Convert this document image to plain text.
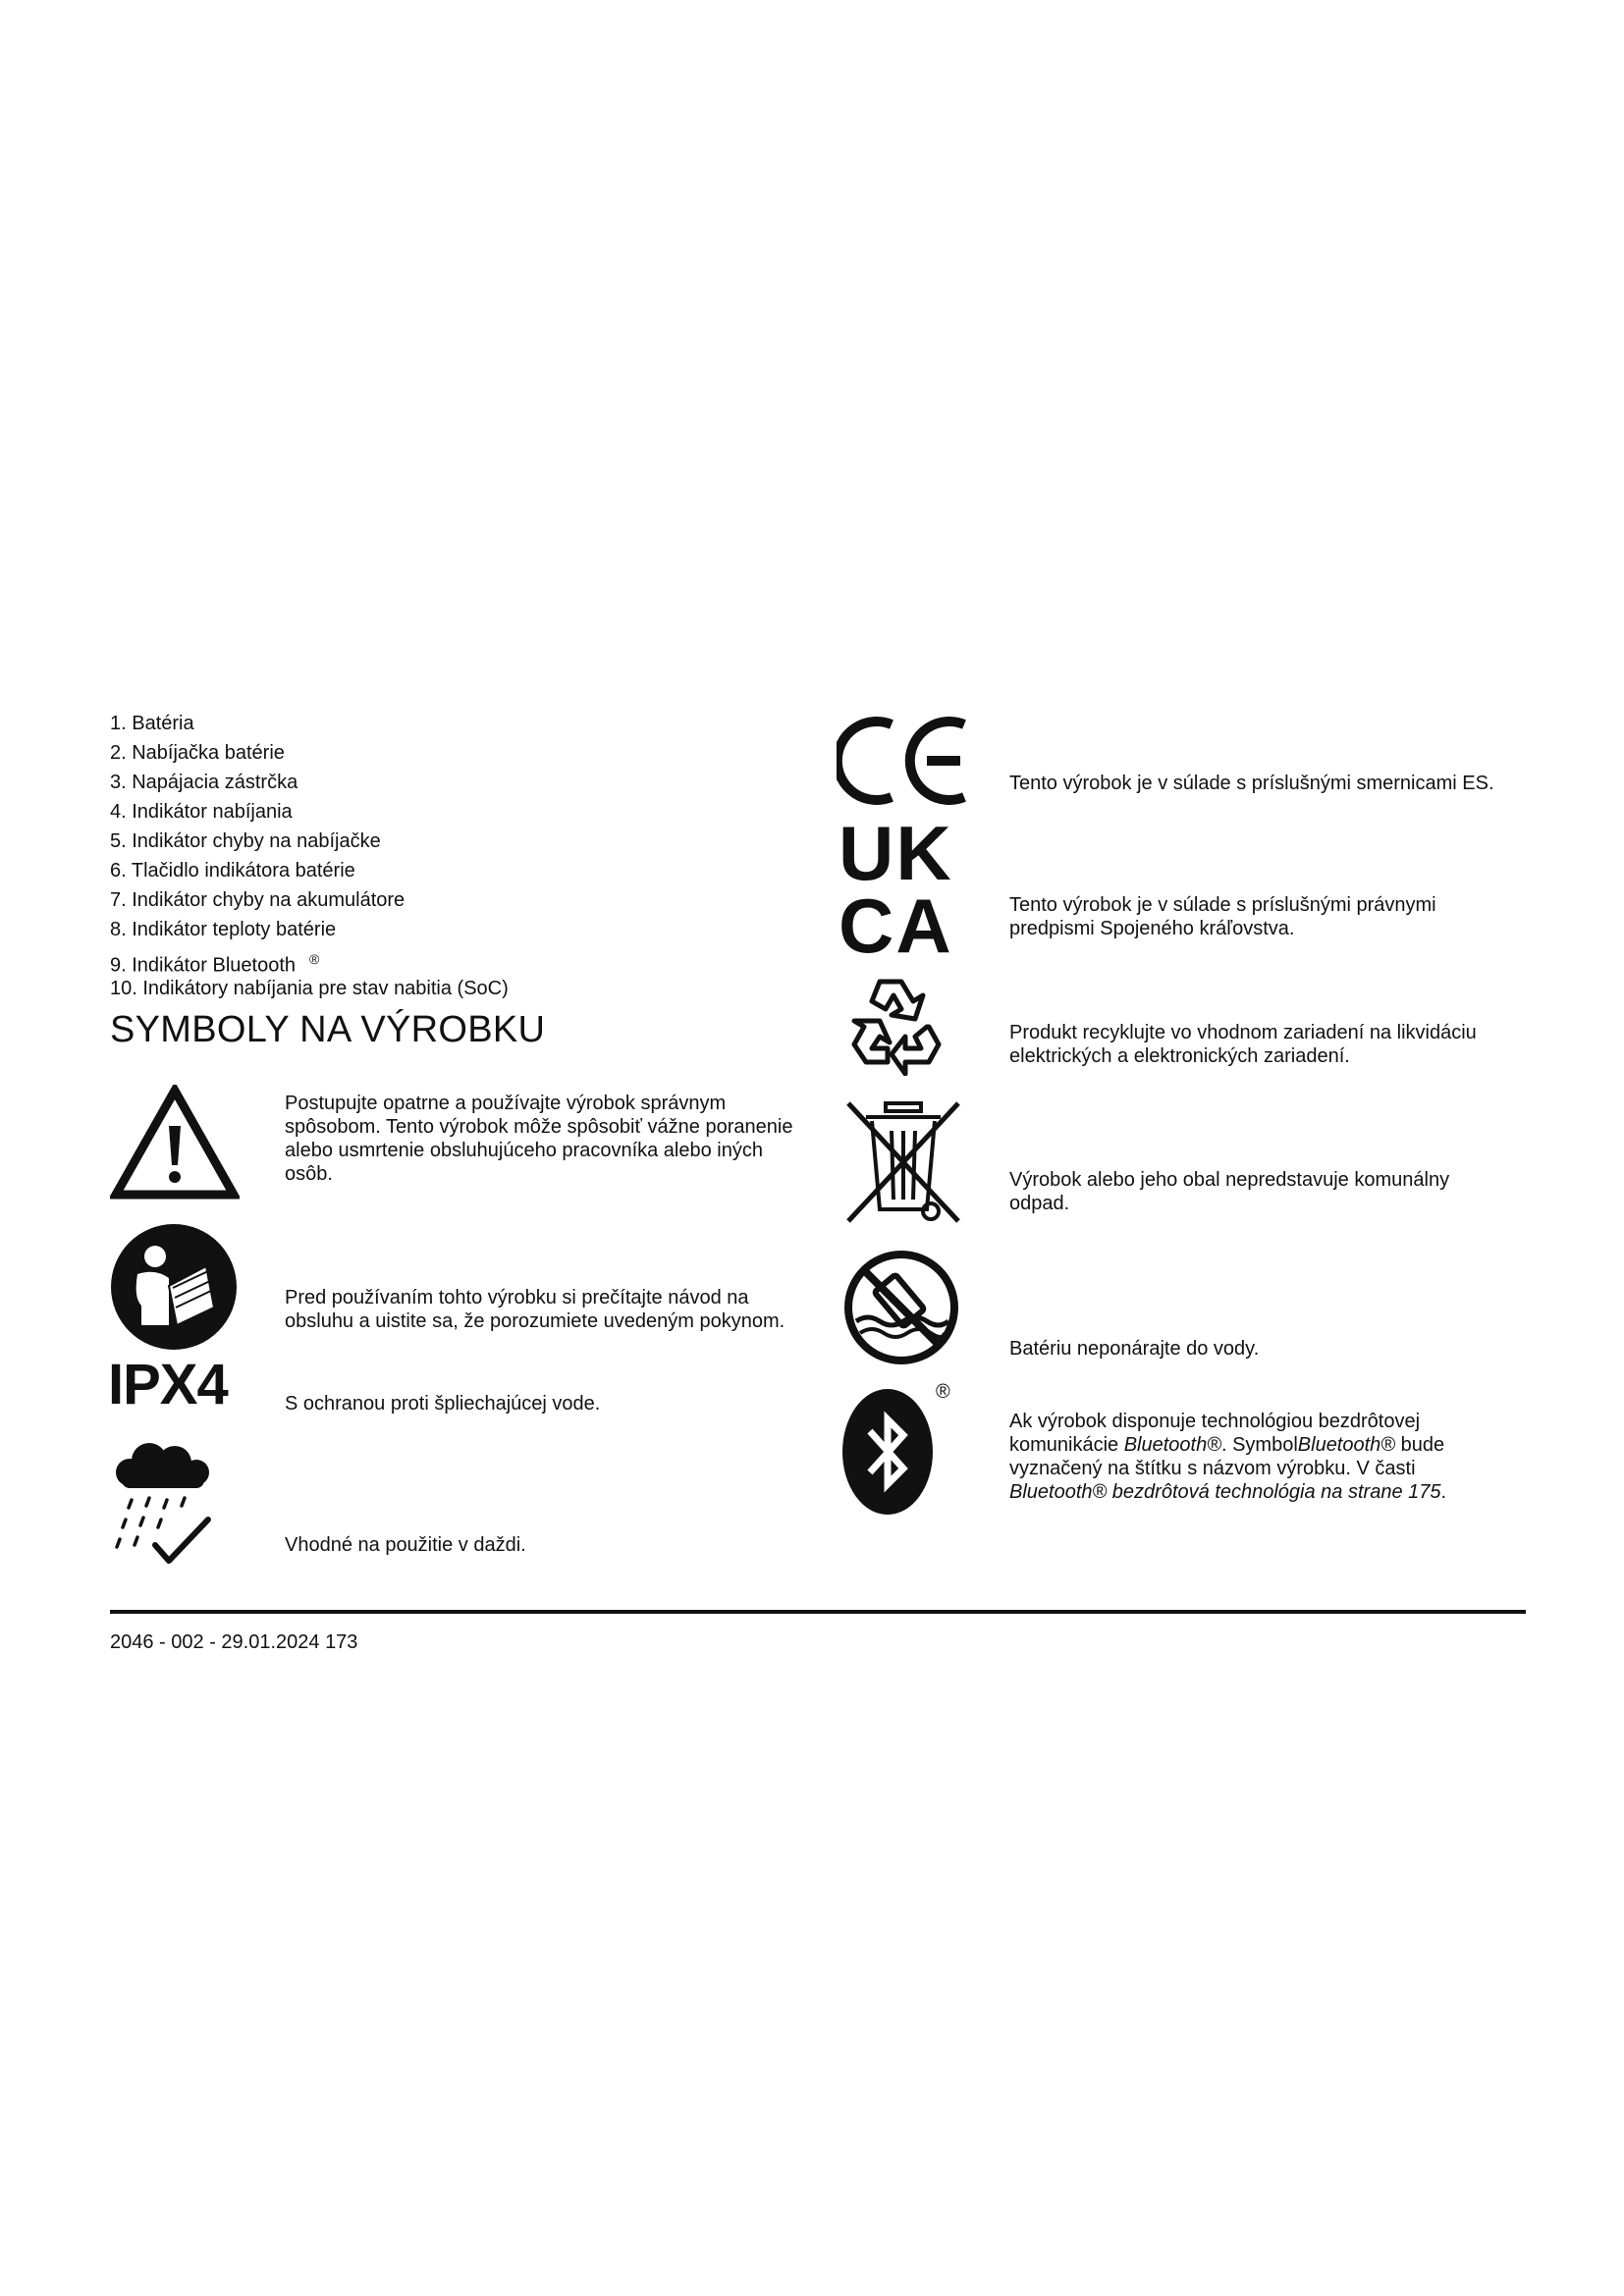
1. Batéria
2. Nabíjačka batérie
3. Napájacia zástrčka
4. Indikátor nabíjania
5. Indikátor chyby na nabíjačke
6. Tlačidlo indikátora batérie
7. Indikátor chyby na akumulátore
8. Indikátor teploty batérie
9. Indikátor Bluetooth ®
10. Indikátory nabíjania pre stav nabitia (SoC)
SYMBOLY NA VÝROBKU
Postupujte opatrne a používajte výrobok správnym spôsobom. Tento výrobok môže spôsobiť vážne poranenie alebo usmrtenie obsluhujúceho pracovníka alebo iných osôb.
Pred používaním tohto výrobku si prečítajte návod na obsluhu a uistite sa, že porozumiete uvedeným pokynom.
IPX4	S ochranou proti špliechajúcej vode.
Vhodné na použitie v daždi.
Tento výrobok je v súlade s príslušnými smernicami ES.
UK
CA	Tento výrobok je v súlade s príslušnými právnymi predpismi Spojeného kráľovstva.
Produkt recyklujte vo vhodnom zariadení na likvidáciu elektrických a elektronických zariadení.
Výrobok alebo jeho obal nepredstavuje komunálny odpad.
Batériu neponárajte do vody.
®
Ak výrobok disponuje technológiou bezdrôtovej komunikácie Bluetooth®. SymbolBluetooth® bude vyznačený na štítku s názvom výrobku. V časti Bluetooth® bezdrôtová technológia na strane 175.
2046 - 002 - 29.01.2024 173
